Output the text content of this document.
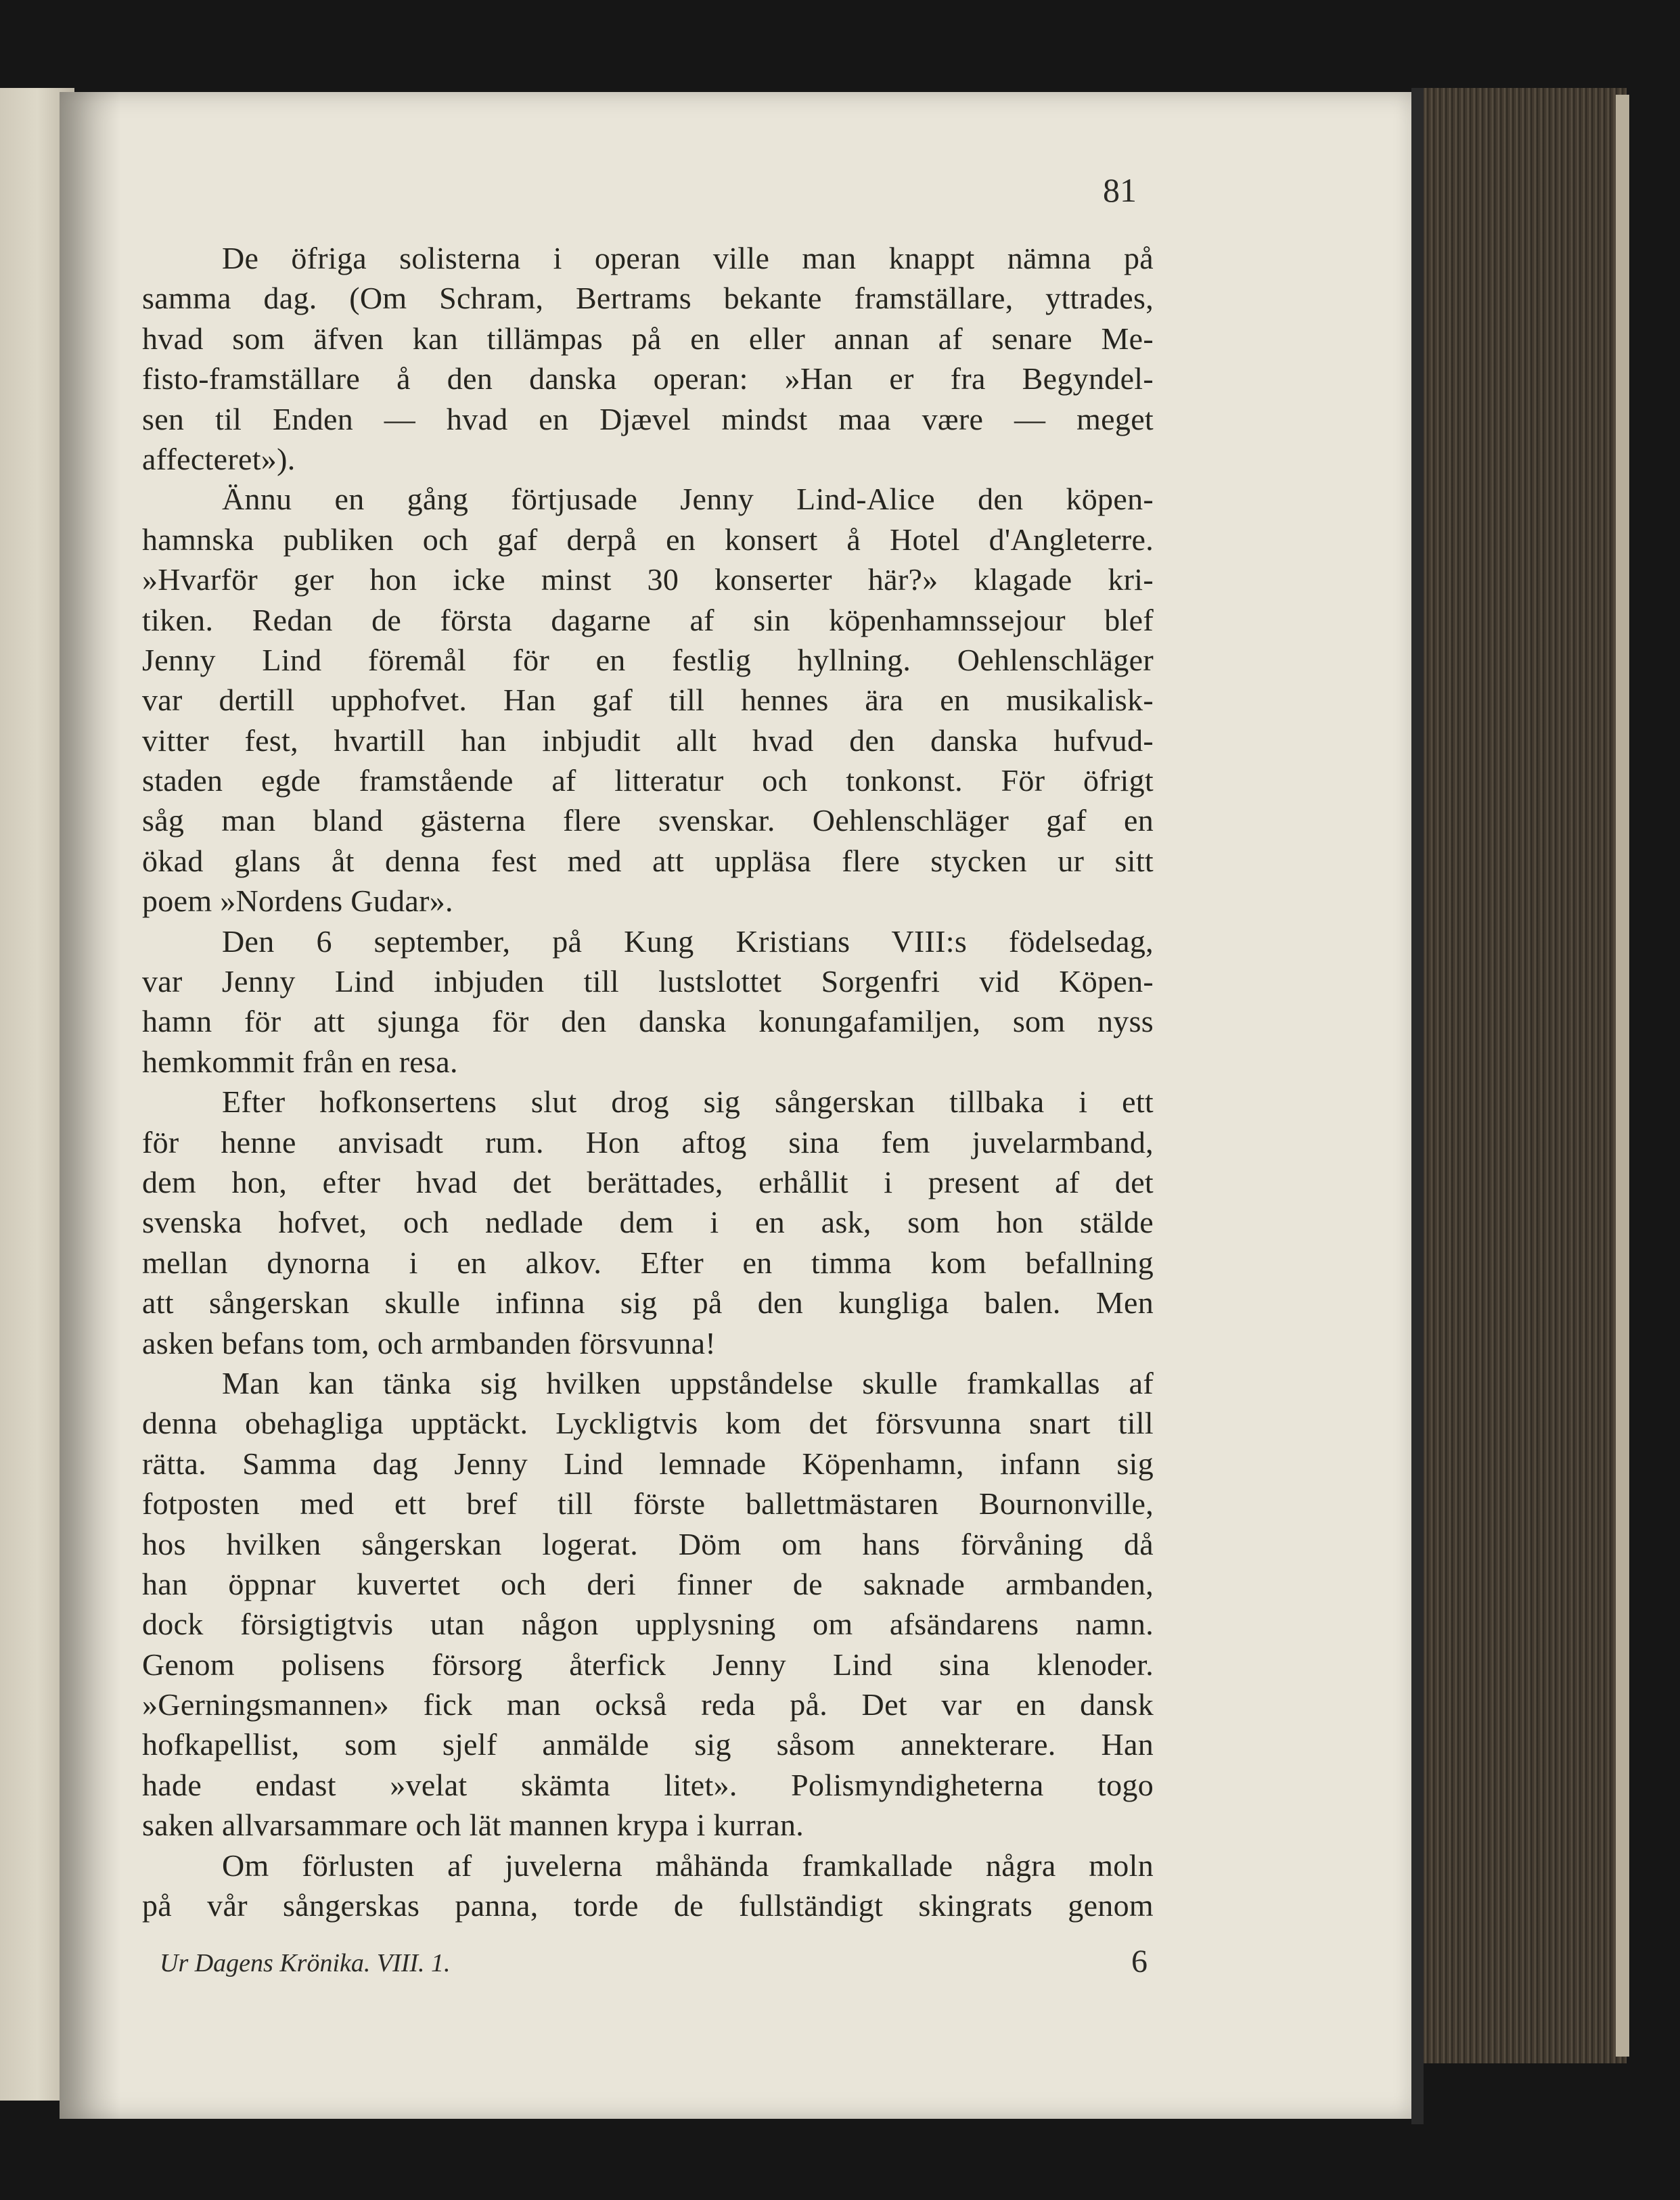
81
De öfriga solisterna i operan ville man knappt nämna på
samma dag. (Om Schram, Bertrams bekante framställare, yttrades,
hvad som äfven kan tillämpas på en eller annan af senare Me-
fisto-framställare å den danska operan: »Han er fra Begyndel-
sen til Enden — hvad en Djævel mindst maa være — meget
affecteret»).
Ännu en gång förtjusade Jenny Lind-Alice den köpen-
hamnska publiken och gaf derpå en konsert å Hotel d'Angleterre.
»Hvarför ger hon icke minst 30 konserter här?» klagade kri-
tiken. Redan de första dagarne af sin köpenhamnssejour blef
Jenny Lind föremål för en festlig hyllning. Oehlenschläger
var dertill upphofvet. Han gaf till hennes ära en musikalisk-
vitter fest, hvartill han inbjudit allt hvad den danska hufvud-
staden egde framstående af litteratur och tonkonst. För öfrigt
såg man bland gästerna flere svenskar. Oehlenschläger gaf en
ökad glans åt denna fest med att uppläsa flere stycken ur sitt
poem »Nordens Gudar».
Den 6 september, på Kung Kristians VIII:s födelsedag,
var Jenny Lind inbjuden till lustslottet Sorgenfri vid Köpen-
hamn för att sjunga för den danska konungafamiljen, som nyss
hemkommit från en resa.
Efter hofkonsertens slut drog sig sångerskan tillbaka i ett
för henne anvisadt rum. Hon aftog sina fem juvelarmband,
dem hon, efter hvad det berättades, erhållit i present af det
svenska hofvet, och nedlade dem i en ask, som hon stälde
mellan dynorna i en alkov. Efter en timma kom befallning
att sångerskan skulle infinna sig på den kungliga balen. Men
asken befans tom, och armbanden försvunna!
Man kan tänka sig hvilken uppståndelse skulle framkallas af
denna obehagliga upptäckt. Lyckligtvis kom det försvunna snart till
rätta. Samma dag Jenny Lind lemnade Köpenhamn, infann sig
fotposten med ett bref till förste ballettmästaren Bournonville,
hos hvilken sångerskan logerat. Döm om hans förvåning då
han öppnar kuvertet och deri finner de saknade armbanden,
dock försigtigtvis utan någon upplysning om afsändarens namn.
Genom polisens försorg återfick Jenny Lind sina klenoder.
»Gerningsmannen» fick man också reda på. Det var en dansk
hofkapellist, som sjelf anmälde sig såsom annekterare. Han
hade endast »velat skämta litet». Polismyndigheterna togo
saken allvarsammare och lät mannen krypa i kurran.
Om förlusten af juvelerna måhända framkallade några moln
på vår sångerskas panna, torde de fullständigt skingrats genom
Ur Dagens Krönika. VIII. 1.	6
